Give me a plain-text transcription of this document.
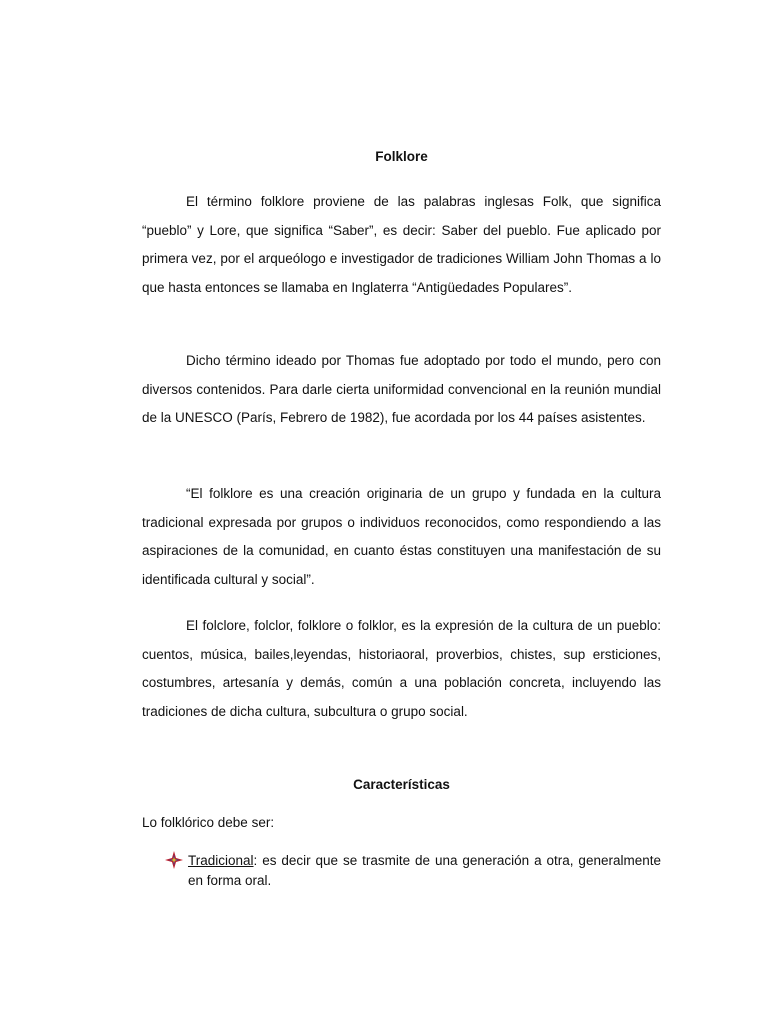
Folklore

El término folklore proviene de las palabras inglesas Folk, que significa “pueblo” y Lore, que significa “Saber”, es decir: Saber del pueblo. Fue aplicado por primera vez, por el arqueólogo e investigador de tradiciones William John Thomas a lo que hasta entonces se llamaba en Inglaterra “Antigüedades Populares”.

Dicho término ideado por Thomas fue adoptado por todo el mundo, pero con diversos contenidos. Para darle cierta uniformidad convencional en la reunión mundial de la UNESCO (París, Febrero de 1982), fue acordada por los 44 países asistentes.

“El folklore es una creación originaria de un grupo y fundada en la cultura tradicional expresada por grupos o individuos reconocidos, como respondiendo a las aspiraciones de la comunidad, en cuanto éstas constituyen una manifestación de su identificada cultural y social”.

El folclore, folclor, folklore o folklor, es la expresión de la cultura de un pueblo: cuentos, música, bailes,leyendas, historiaoral, proverbios, chistes, sup ersticiones, costumbres, artesanía y demás, común a una población concreta, incluyendo las tradiciones de dicha cultura, subcultura o grupo social.

Características

Lo folklórico debe ser:

Tradicional: es decir que se trasmite de una generación a otra, generalmente en forma oral.
